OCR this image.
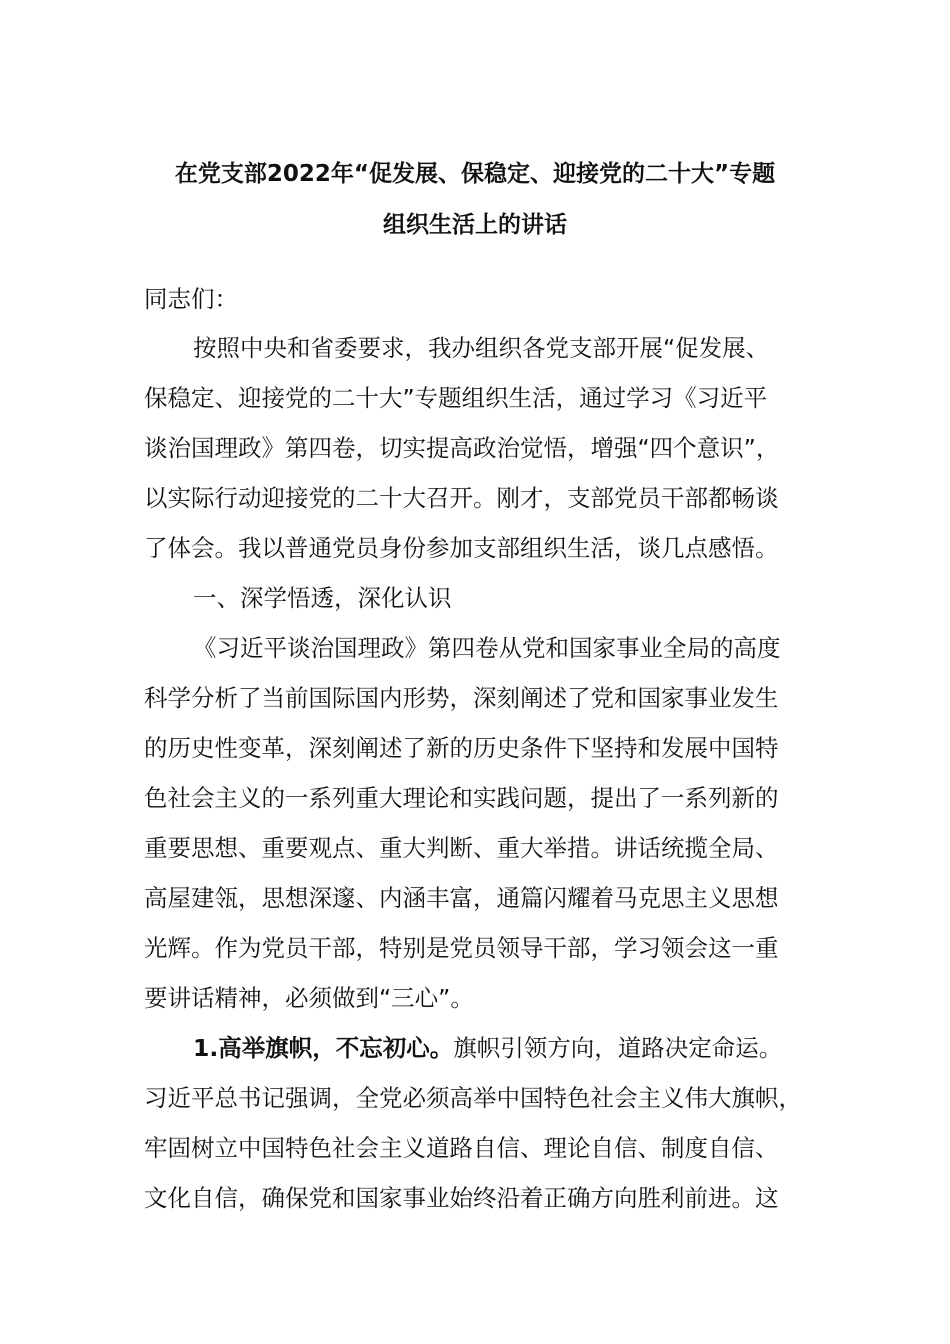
在党支部2022年“促发展、保稳定、迎接党的二十大”专题
组织生活上的讲话
同志们：
按照中央和省委要求，我办组织各党支部开展“促发展、
保稳定、迎接党的二十大”专题组织生活，通过学习《习近平
谈治国理政》第四卷，切实提高政治觉悟，增强“四个意识”，
以实际行动迎接党的二十大召开。刚才，支部党员干部都畅谈
了体会。我以普通党员身份参加支部组织生活，谈几点感悟。
一、深学悟透，深化认识
《习近平谈治国理政》第四卷从党和国家事业全局的高度
科学分析了当前国际国内形势，深刻阐述了党和国家事业发生
的历史性变革，深刻阐述了新的历史条件下坚持和发展中国特
色社会主义的一系列重大理论和实践问题，提出了一系列新的
重要思想、重要观点、重大判断、重大举措。讲话统揽全局、
高屋建瓴，思想深邃、内涵丰富，通篇闪耀着马克思主义思想
光辉。作为党员干部，特别是党员领导干部，学习领会这一重
要讲话精神，必须做到“三心”。
1.高举旗帜，不忘初心。旗帜引领方向，道路决定命运。
习近平总书记强调，全党必须高举中国特色社会主义伟大旗帜，
牢固树立中国特色社会主义道路自信、理论自信、制度自信、
文化自信，确保党和国家事业始终沿着正确方向胜利前进。这
